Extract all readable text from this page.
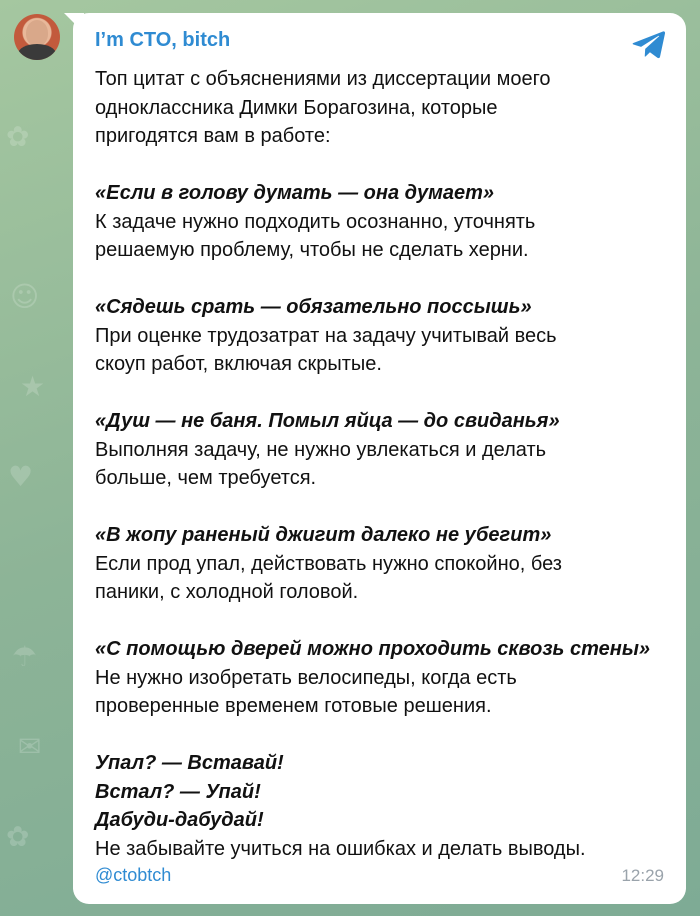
✿
☺
♥
☂
✿
★
✉
I’m CTO, bitch

Топ цитат с объяснениями из диссертации моего

одноклассника Димки Борагозина, которые

пригодятся вам в работе:

«Если в голову думать — она думает»

К задаче нужно подходить осознанно, уточнять

решаемую проблему, чтобы не сделать херни.

«Сядешь срать — обязательно поссышь»

При оценке трудозатрат на задачу учитывай весь

скоуп работ, включая скрытые.

«Душ — не баня. Помыл яйца — до свиданья»

Выполняя задачу, не нужно увлекаться и делать

больше, чем требуется.

«В жопу раненый джигит далеко не убегит»

Если прод упал, действовать нужно спокойно, без

паники, с холодной головой.

«С помощью дверей можно проходить сквозь стены»

Не нужно изобретать велосипеды, когда есть

проверенные временем готовые решения.

Упал? — Вставай!

Встал? — Упай!

Дабуди-дабудай!

Не забывайте учиться на ошибках и делать выводы.

@ctobtch	12:29
